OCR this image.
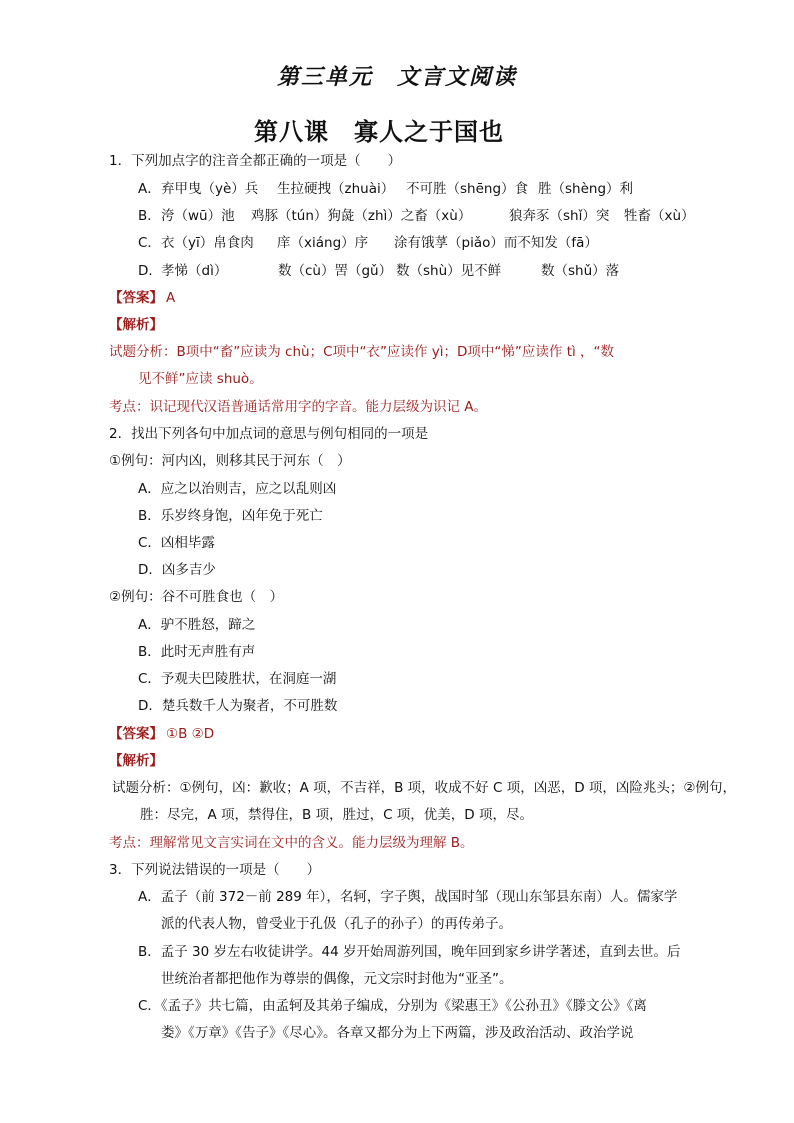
第三单元　文言文阅读
第八课　寡人之于国也
1．下列加点字的注音全都正确的一项是（　　）
A． 弃甲曳（yè）兵 生拉硬拽（zhuài） 不可胜（shēng）食 胜（shèng）利
B． 洿（wū）池 鸡豚（tún）狗彘（zhì）之畜（xù）	狼奔豕（shǐ）突 牲畜（xù）
C． 衣（yī）帛食肉 庠（xiáng）序 涂有饿莩（piǎo）而不知发（fā）
D． 孝悌（dì）	数（cù）罟（gǔ） 数（shù）见不鲜	数（shǔ）落
【答案】 A
【解析】
试题分析：B项中“畜”应读为 chù；C项中“衣”应读作 yì；D项中“悌”应读作 tì ，“数
见不鲜”应读 shuò。
考点：识记现代汉语普通话常用字的字音。能力层级为识记 A。
2．找出下列各句中加点词的意思与例句相同的一项是
①例句：河内凶，则移其民于河东（　）
A．应之以治则吉，应之以乱则凶
B．乐岁终身饱，凶年免于死亡
C．凶相毕露
D．凶多吉少
②例句：谷不可胜食也（　）
A．驴不胜怒，蹄之
B．此时无声胜有声
C．予观夫巴陵胜状，在洞庭一湖
D．楚兵数千人为聚者，不可胜数
【答案】 ①B ②D
【解析】
试题分析：①例句，凶：歉收；A 项，不吉祥，B 项，收成不好 C 项，凶恶，D 项，凶险兆头；②例句，
胜：尽完，A 项，禁得住，B 项，胜过，C 项，优美，D 项，尽。
考点：理解常见文言实词在文中的含义。能力层级为理解 B。
3．下列说法错误的一项是（　　）
A．孟子（前 372－前 289 年），名轲，字子舆，战国时邹（现山东邹县东南）人。儒家学
派的代表人物，曾受业于孔伋（孔子的孙子）的再传弟子。
B．孟子 30 岁左右收徒讲学。44 岁开始周游列国，晚年回到家乡讲学著述，直到去世。后
世统治者都把他作为尊崇的偶像，元文宗时封他为“亚圣”。
C．《孟子》共七篇，由孟轲及其弟子编成，分别为《梁惠王》《公孙丑》《滕文公》《离
娄》《万章》《告子》《尽心》。各章又都分为上下两篇，涉及政治活动、政治学说
